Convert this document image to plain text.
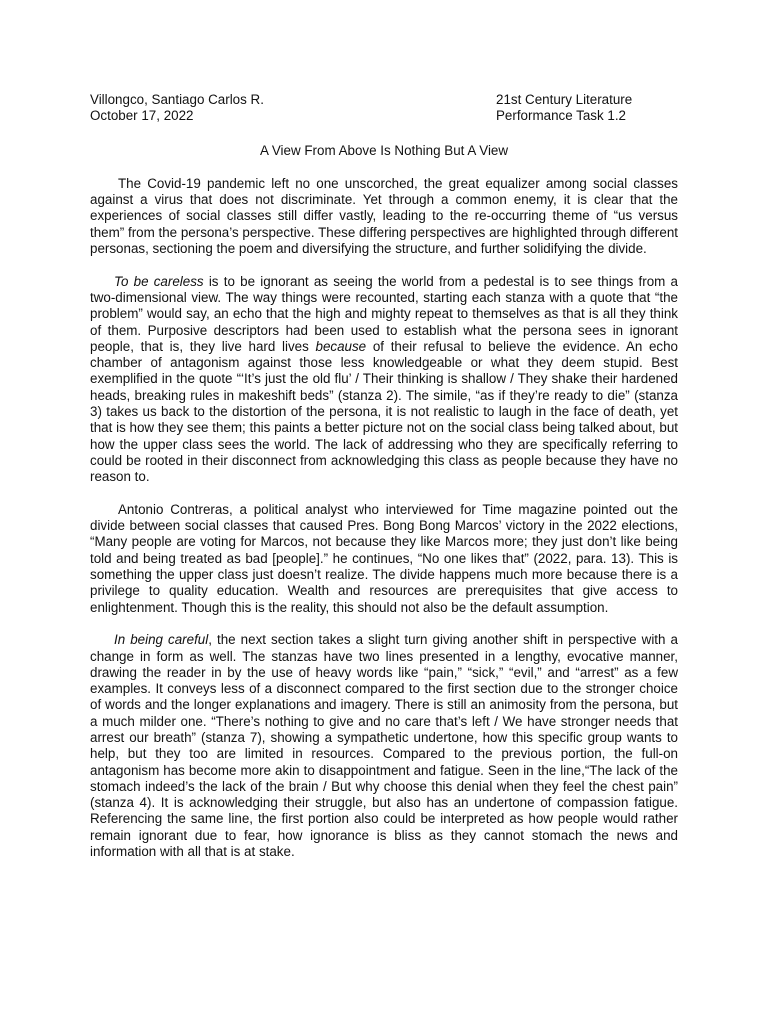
Villongco, Santiago Carlos R.
October 17, 2022
21st Century Literature
Performance Task 1.2
A View From Above Is Nothing But A View

The Covid-19 pandemic left no one unscorched, the great equalizer among social classes against a virus that does not discriminate. Yet through a common enemy, it is clear that the experiences of social classes still differ vastly, leading to the re-occurring theme of “us versus them” from the persona’s perspective. These differing perspectives are highlighted through different personas, sectioning the poem and diversifying the structure, and further solidifying the divide.

To be careless is to be ignorant as seeing the world from a pedestal is to see things from a two-dimensional view. The way things were recounted, starting each stanza with a quote that “the problem” would say, an echo that the high and mighty repeat to themselves as that is all they think of them. Purposive descriptors had been used to establish what the persona sees in ignorant people, that is, they live hard lives because of their refusal to believe the evidence. An echo chamber of antagonism against those less knowledgeable or what they deem stupid. Best exemplified in the quote “‘It’s just the old flu’ / Their thinking is shallow / They shake their hardened heads, breaking rules in makeshift beds” (stanza 2). The simile, “as if they’re ready to die” (stanza 3) takes us back to the distortion of the persona, it is not realistic to laugh in the face of death, yet that is how they see them; this paints a better picture not on the social class being talked about, but how the upper class sees the world. The lack of addressing who they are specifically referring to could be rooted in their disconnect from acknowledging this class as people because they have no reason to.

Antonio Contreras, a political analyst who interviewed for Time magazine pointed out the divide between social classes that caused Pres. Bong Bong Marcos’ victory in the 2022 elections, “Many people are voting for Marcos, not because they like Marcos more; they just don’t like being told and being treated as bad [people].” he continues, “No one likes that” (2022, para. 13). This is something the upper class just doesn’t realize. The divide happens much more because there is a privilege to quality education. Wealth and resources are prerequisites that give access to enlightenment. Though this is the reality, this should not also be the default assumption.

In being careful, the next section takes a slight turn giving another shift in perspective with a change in form as well. The stanzas have two lines presented in a lengthy, evocative manner, drawing the reader in by the use of heavy words like “pain,” “sick,” “evil,” and “arrest” as a few examples. It conveys less of a disconnect compared to the first section due to the stronger choice of words and the longer explanations and imagery. There is still an animosity from the persona, but a much milder one. “There’s nothing to give and no care that’s left / We have stronger needs that arrest our breath” (stanza 7), showing a sympathetic undertone, how this specific group wants to help, but they too are limited in resources. Compared to the previous portion, the full-on antagonism has become more akin to disappointment and fatigue. Seen in the line,“The lack of the stomach indeed’s the lack of the brain / But why choose this denial when they feel the chest pain” (stanza 4). It is acknowledging their struggle, but also has an undertone of compassion fatigue. Referencing the same line, the first portion also could be interpreted as how people would rather remain ignorant due to fear, how ignorance is bliss as they cannot stomach the news and information with all that is at stake.
